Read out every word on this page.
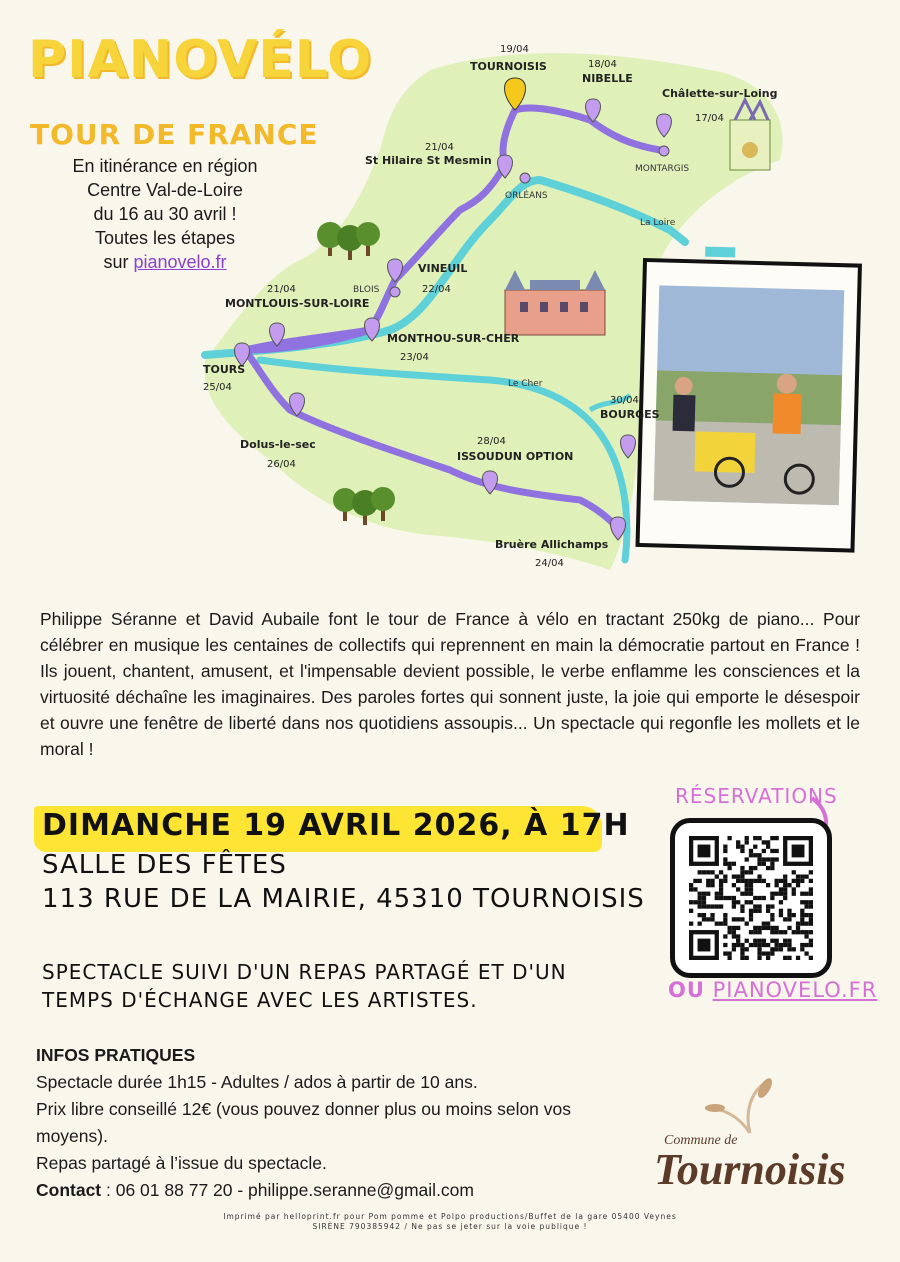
PIANOVÉLO
TOUR DE FRANCE
En itinérance en région
Centre Val-de-Loire
du 16 au 30 avril !
Toutes les étapes
sur pianovelo.fr
19/04
TOURNOISIS	18/04
NIBELLE
Châlette-sur-Loing
17/04
MONTARGIS
21/04
St Hilaire St Mesmin
ORLÉANS
La Loire
VINEUIL
22/04
BLOIS
21/04
MONTLOUIS-SUR-LOIRE
MONTHOU-SUR-CHER
23/04
TOURS
25/04	Le Cher
Dolus-le-sec
26/04
28/04
ISSOUDUN OPTION
30/04
BOURGES
Bruère Allichamps
24/04
Philippe Séranne et David Aubaile font le tour de France à vélo en tractant 250kg de piano... Pour célébrer en musique les centaines de collectifs qui reprennent en main la démocratie partout en France ! Ils jouent, chantent, amusent, et l'impensable devient possible, le verbe enflamme les consciences et la virtuosité déchaîne les imaginaires. Des paroles fortes qui sonnent juste, la joie qui emporte le désespoir et ouvre une fenêtre de liberté dans nos quotidiens assoupis... Un spectacle qui regonfle les mollets et le moral !
DIMANCHE 19 AVRIL 2026, À 17H
SALLE DES FÊTES
113 RUE DE LA MAIRIE, 45310 TOURNOISIS
SPECTACLE SUIVI D'UN REPAS PARTAGÉ ET D'UN TEMPS D'ÉCHANGE AVEC LES ARTISTES.
RÉSERVATIONS
OU PIANOVELO.FR
INFOS PRATIQUES
Spectacle durée 1h15 - Adultes / ados à partir de 10 ans.
Prix libre conseillé 12€ (vous pouvez donner plus ou moins selon vos moyens).
Repas partagé à l’issue du spectacle.
Contact : 06 01 88 77 20 - philippe.seranne@gmail.com
Commune de
Tournoisis
Imprimé par helloprint.fr pour Pom pomme et Polpo productions/Buffet de la gare 05400 Veynes
SIRÈNE 790385942 / Ne pas se jeter sur la voie publique !
